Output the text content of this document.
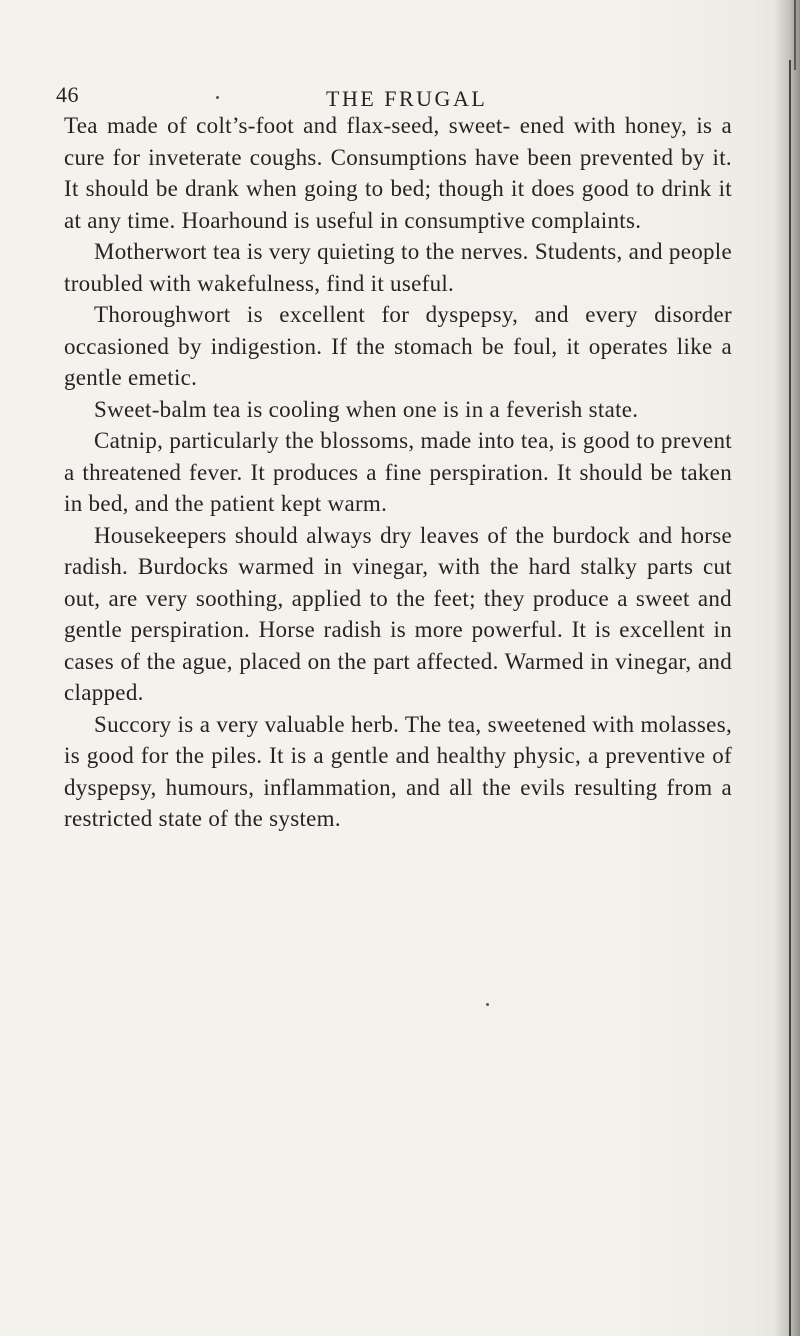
46	THE FRUGAL

Tea made of colt’s-foot and flax-seed, sweet- ened with honey, is a cure for inveterate coughs. Consumptions have been prevented by it. It should be drank when going to bed; though it does good to drink it at any time. Hoarhound is useful in consumptive complaints.

Motherwort tea is very quieting to the nerves. Students, and people troubled with wakefulness, find it useful.

Thoroughwort is excellent for dyspepsy, and every disorder occasioned by indigestion. If the stomach be foul, it operates like a gentle emetic.

Sweet-balm tea is cooling when one is in a feverish state.

Catnip, particularly the blossoms, made into tea, is good to prevent a threatened fever. It produces a fine perspiration. It should be taken in bed, and the patient kept warm.

Housekeepers should always dry leaves of the burdock and horse radish. Burdocks warmed in vinegar, with the hard stalky parts cut out, are very soothing, applied to the feet; they produce a sweet and gentle perspiration. Horse radish is more powerful. It is excellent in cases of the ague, placed on the part affected. Warmed in vinegar, and clapped.

Succory is a very valuable herb. The tea, sweetened with molasses, is good for the piles. It is a gentle and healthy physic, a preventive of dyspepsy, humours, inflammation, and all the evils resulting from a restricted state of the system.
